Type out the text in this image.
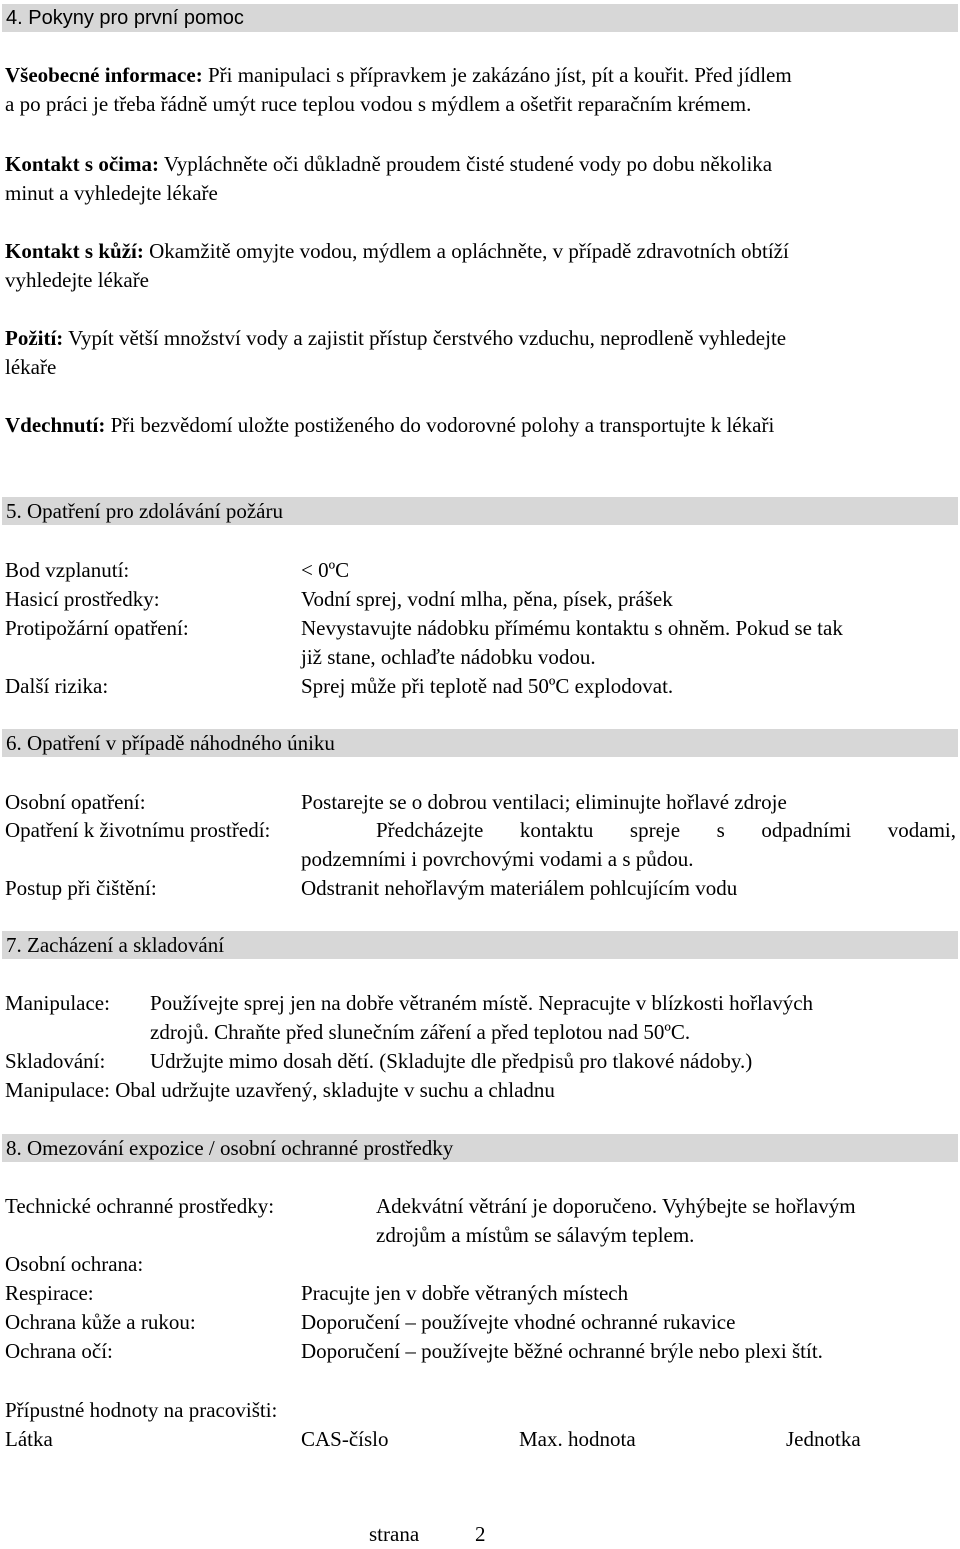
4. Pokyny pro první pomoc
Všeobecné informace: Při manipulaci s přípravkem je zakázáno jíst, pít a kouřit. Před jídlem
a po práci je třeba řádně umýt ruce teplou vodou s mýdlem a ošetřit reparačním krémem.
Kontakt s očima: Vypláchněte oči důkladně proudem čisté studené vody po dobu několika
minut a vyhledejte lékaře
Kontakt s kůží: Okamžitě omyjte vodou, mýdlem a opláchněte, v případě zdravotních obtíží
vyhledejte lékaře
Požití: Vypít větší množství vody a zajistit přístup čerstvého vzduchu, neprodleně vyhledejte
lékaře
Vdechnutí: Při bezvědomí uložte postiženého do vodorovné polohy a transportujte k lékaři
5. Opatření pro zdolávání požáru
Bod vzplanutí:	< 0ºC
Hasicí prostředky:	Vodní sprej, vodní mlha, pěna, písek, prášek
Protipožární opatření:	Nevystavujte nádobku přímému kontaktu s ohněm. Pokud se tak
již stane, ochlaďte nádobku vodou.
Další rizika:	Sprej může při teplotě nad 50ºC explodovat.
6. Opatření v případě náhodného úniku
Osobní opatření:	Postarejte se o dobrou ventilaci; eliminujte hořlavé zdroje
Opatření k životnímu prostředí:	Předcházejte kontaktu spreje s odpadními vodami,
podzemními i povrchovými vodami a s půdou.
Postup při čištění:	Odstranit nehořlavým materiálem pohlcujícím vodu
7. Zacházení a skladování
Manipulace: Používejte sprej jen na dobře větraném místě. Nepracujte v blízkosti hořlavých
zdrojů. Chraňte před slunečním záření a před teplotou nad 50ºC.
Skladování: Udržujte mimo dosah dětí. (Skladujte dle předpisů pro tlakové nádoby.)
Manipulace: Obal udržujte uzavřený, skladujte v suchu a chladnu
8. Omezování expozice / osobní ochranné prostředky
Technické ochranné prostředky:	Adekvátní větrání je doporučeno. Vyhýbejte se hořlavým
zdrojům a místům se sálavým teplem.
Osobní ochrana:
Respirace:	Pracujte jen v dobře větraných místech
Ochrana kůže a rukou:	Doporučení – používejte vhodné ochranné rukavice
Ochrana očí:	Doporučení – používejte běžné ochranné brýle nebo plexi štít.
Přípustné hodnoty na pracovišti:
Látka	CAS-číslo	Max. hodnota	Jednotka
strana	2
